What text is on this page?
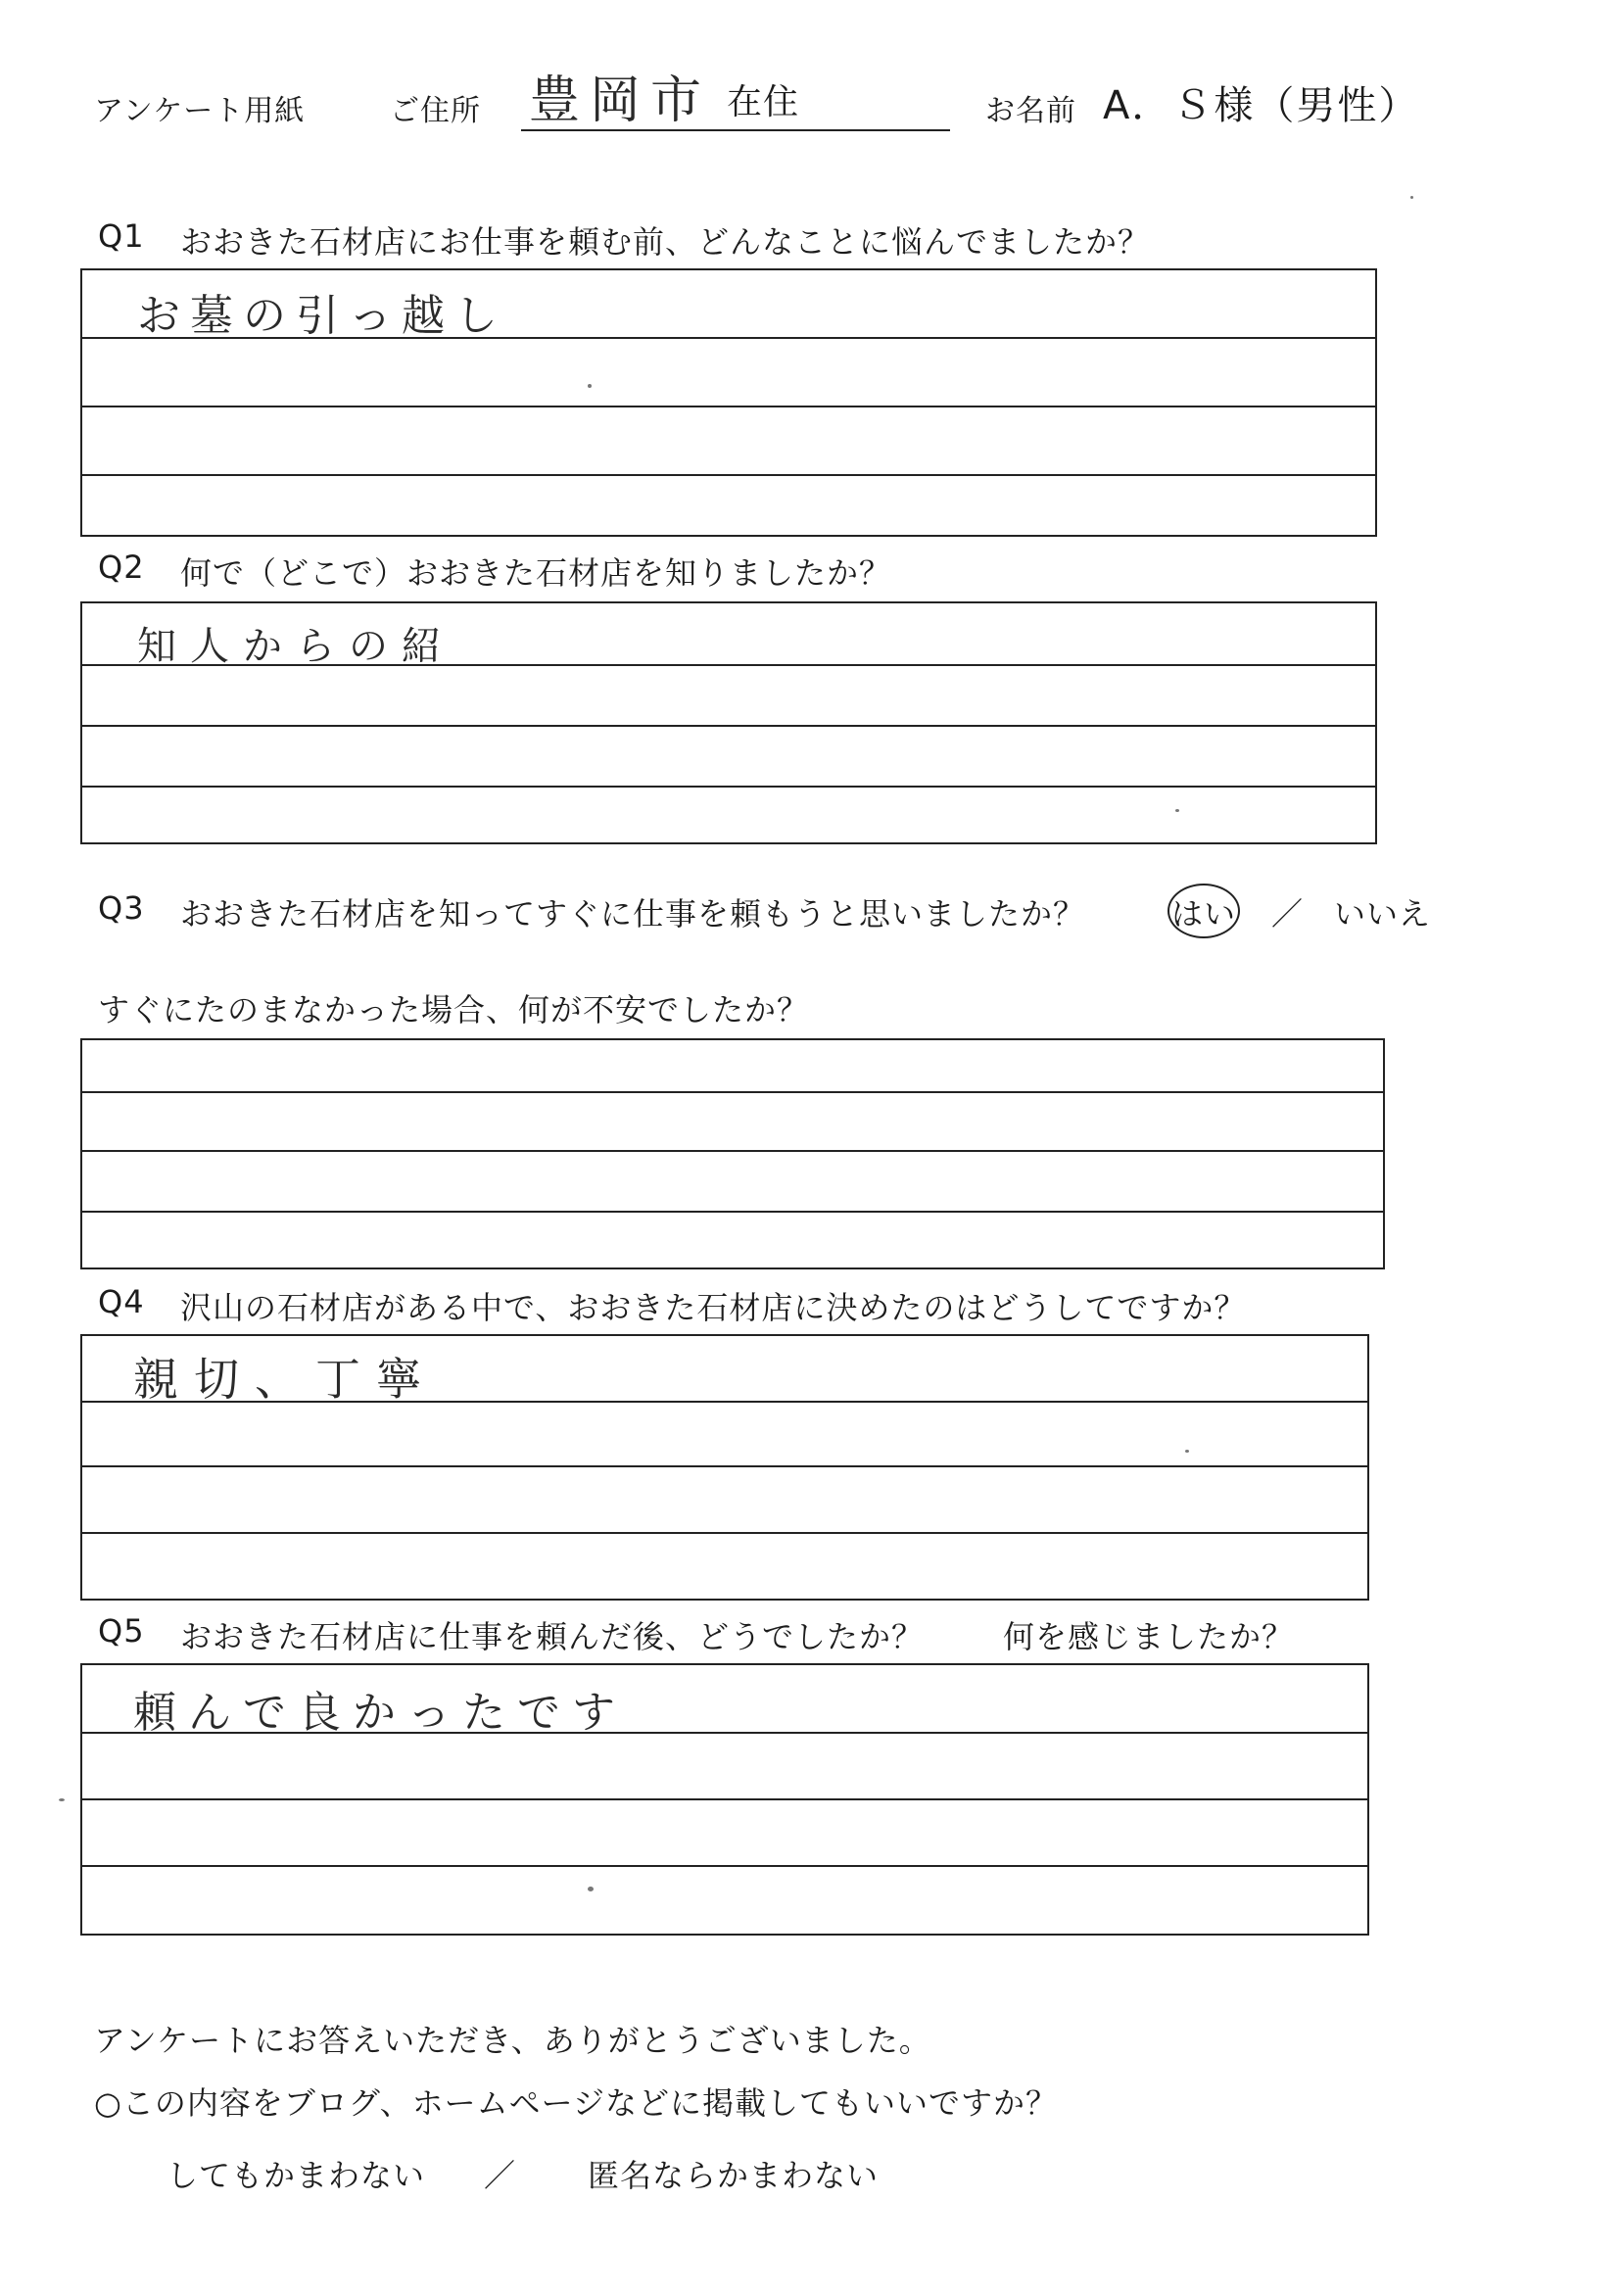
アンケート用紙	ご住所 豊岡市 在住	お名前 A．Ｓ様（男性）
Q1 おおきた石材店にお仕事を頼む前、どんなことに悩んでましたか？
お墓の引っ越し
Q2 何で（どこで）おおきた石材店を知りましたか？
知人からの紹
Q3 おおきた石材店を知ってすぐに仕事を頼もうと思いましたか？	はい ／ いいえ
すぐにたのまなかった場合、何が不安でしたか？
Q4 沢山の石材店がある中で、おおきた石材店に決めたのはどうしてですか？
親切、丁寧
Q5 おおきた石材店に仕事を頼んだ後、どうでしたか？	何を感じましたか？
頼んで良かったです
アンケートにお答えいただき、ありがとうございました。
○この内容をブログ、ホームページなどに掲載してもいいですか？
してもかまわない ／ 匿名ならかまわない
